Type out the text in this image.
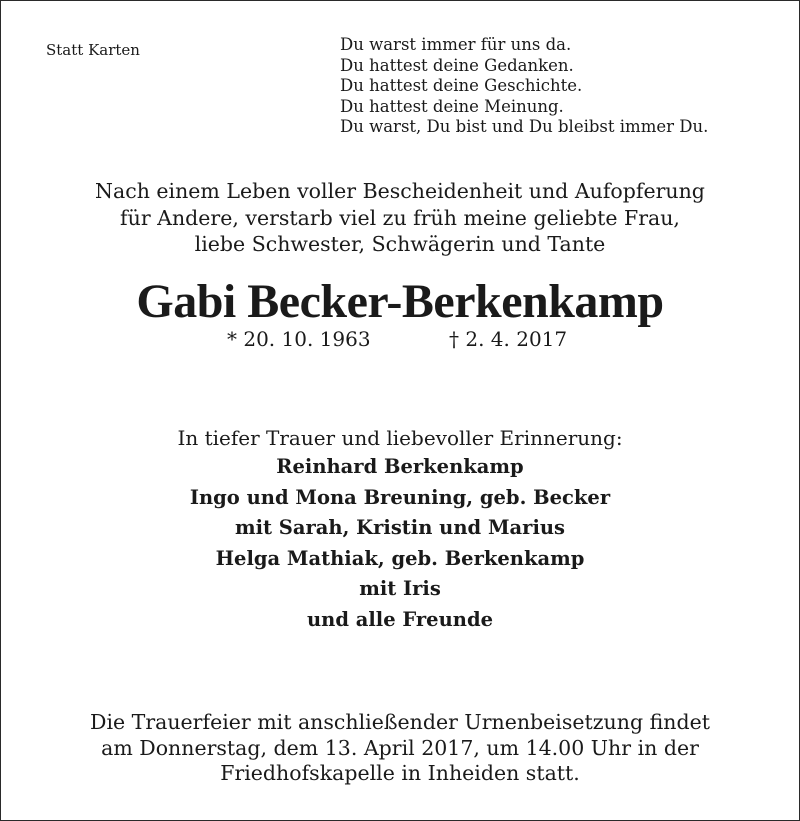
Statt Karten	Du warst immer für uns da.
Du hattest deine Gedanken.
Du hattest deine Geschichte.
Du hattest deine Meinung.
Du warst, Du bist und Du bleibst immer Du.
Nach einem Leben voller Bescheidenheit und Aufopferung
für Andere, verstarb viel zu früh meine geliebte Frau,
liebe Schwester, Schwägerin und Tante
Gabi Becker-Berkenkamp
* 20. 10. 1963	† 2. 4. 2017
In tiefer Trauer und liebevoller Erinnerung:
Reinhard Berkenkamp
Ingo und Mona Breuning, geb. Becker
mit Sarah, Kristin und Marius
Helga Mathiak, geb. Berkenkamp
mit Iris
und alle Freunde
Die Trauerfeier mit anschließender Urnenbeisetzung findet
am Donnerstag, dem 13. April 2017, um 14.00 Uhr in der
Friedhofskapelle in Inheiden statt.
